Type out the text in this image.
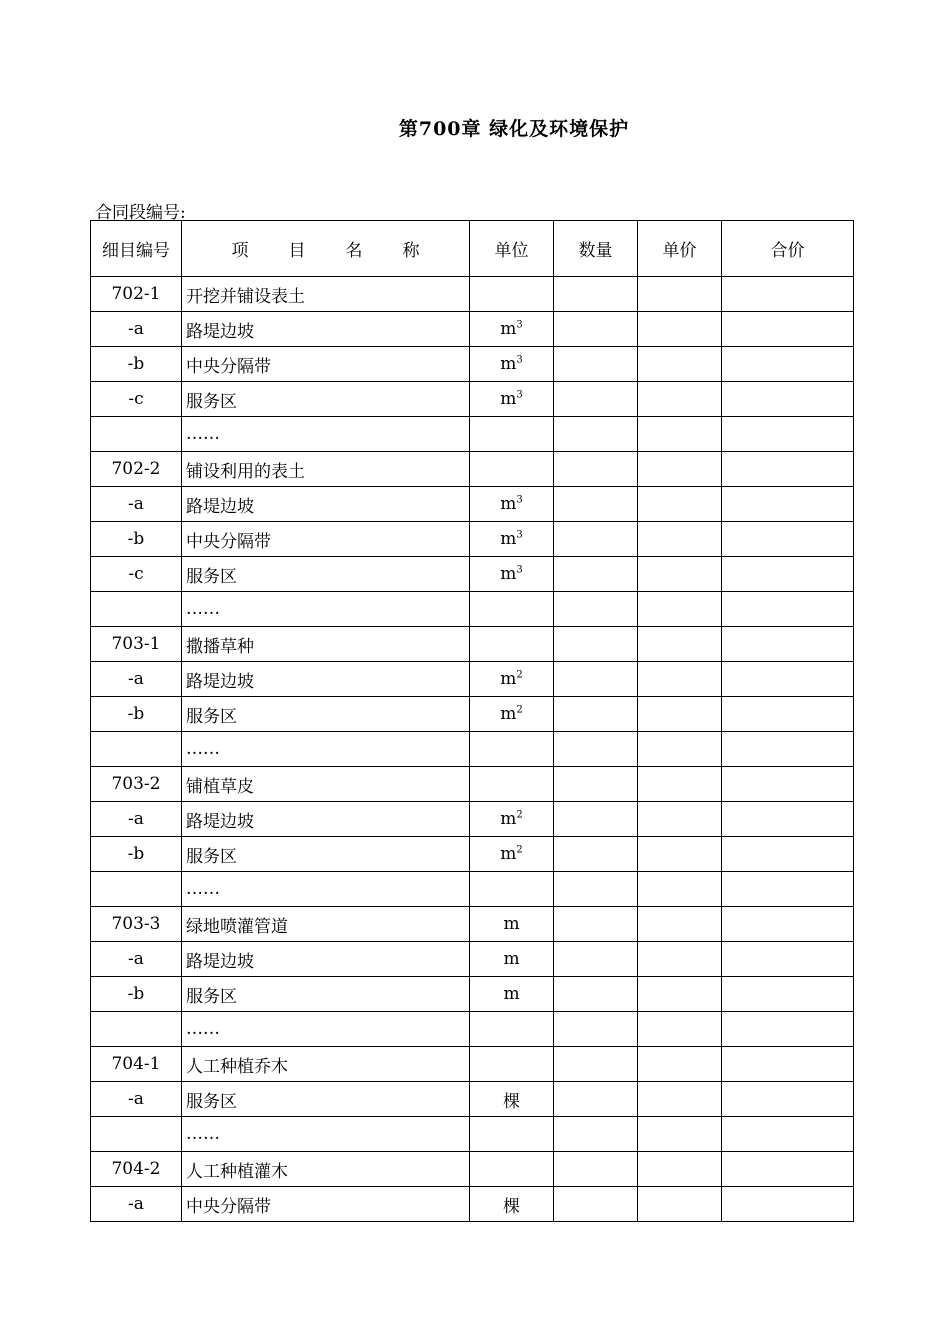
第700章 绿化及环境保护
合同段编号:
细目编号	项 目 名 称	单位	数量	单价	合价
702-1	开挖并铺设表土				
-a	路堤边坡	$m^3$			
-b	中央分隔带	$m^3$			
-c	服务区	$m^3$			
	……				
702-2	铺设利用的表土				
-a	路堤边坡	$m^3$			
-b	中央分隔带	$m^3$			
-c	服务区	$m^3$			
	……				
703-1	撒播草种				
-a	路堤边坡	$m^2$			
-b	服务区	$m^2$			
	……				
703-2	铺植草皮				
-a	路堤边坡	$m^2$			
-b	服务区	$m^2$			
	……				
703-3	绿地喷灌管道	m			
-a	路堤边坡	m			
-b	服务区	m			
	……				
704-1	人工种植乔木				
-a	服务区	棵			
	……				
704-2	人工种植灌木				
-a	中央分隔带	棵			
